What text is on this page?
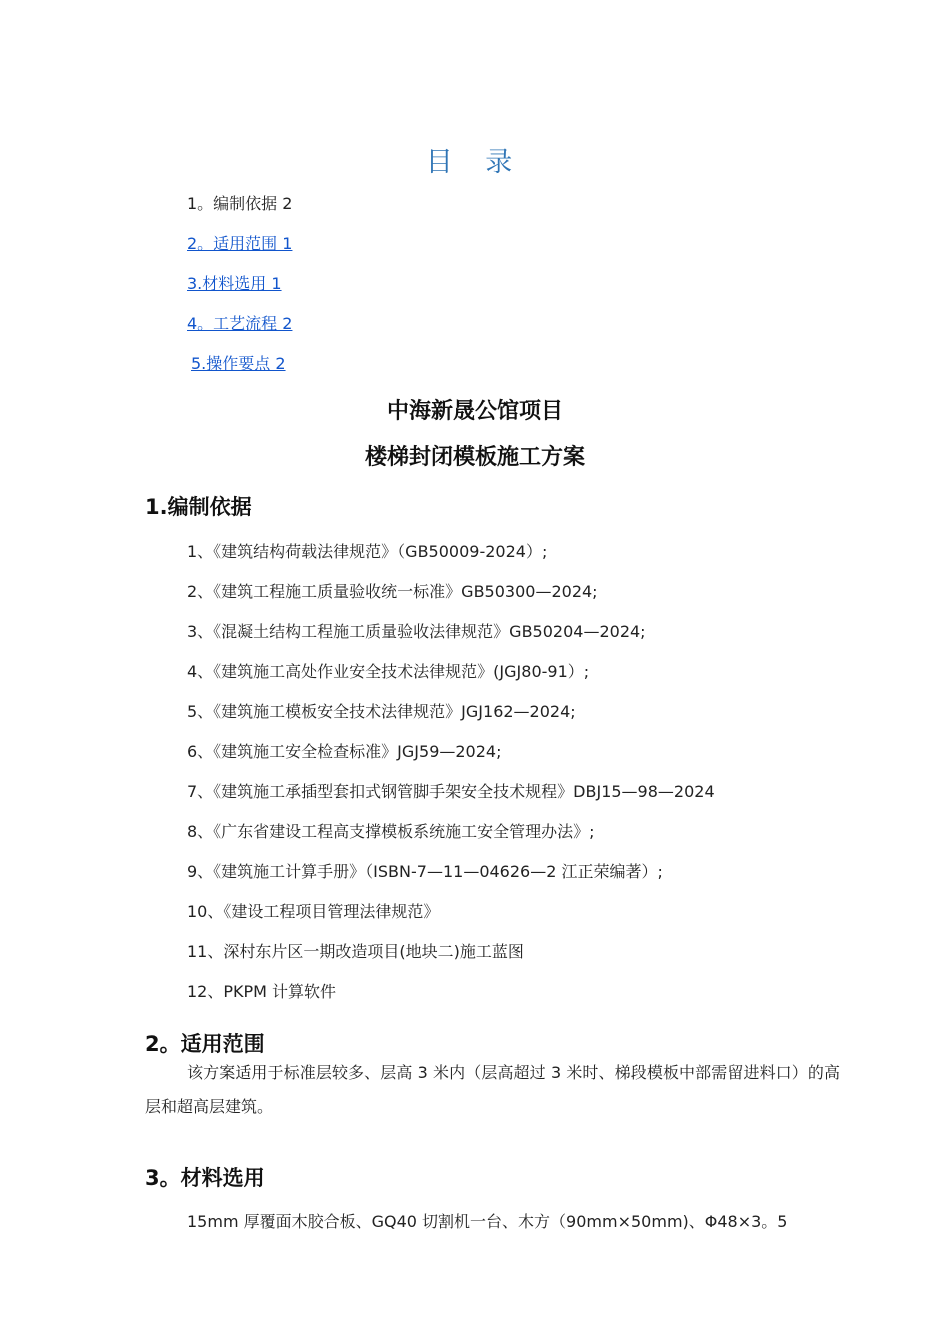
目 录
1。编制依据 2
2。适用范围 1
3.材料选用 1
4。工艺流程 2
5.操作要点 2
中海新晟公馆项目
楼梯封闭模板施工方案
1.编制依据
1、《建筑结构荷载法律规范》（GB50009-2024）;
2、《建筑工程施工质量验收统一标准》GB50300—2024;
3、《混凝土结构工程施工质量验收法律规范》GB50204—2024;
4、《建筑施工高处作业安全技术法律规范》(JGJ80-91）;
5、《建筑施工模板安全技术法律规范》JGJ162—2024;
6、《建筑施工安全检查标准》JGJ59—2024;
7、《建筑施工承插型套扣式钢管脚手架安全技术规程》DBJ15—98—2024
8、《广东省建设工程高支撑模板系统施工安全管理办法》;
9、《建筑施工计算手册》（ISBN-7—11—04626—2 江正荣编著）;
10、《建设工程项目管理法律规范》
11、深村东片区一期改造项目(地块二)施工蓝图
12、PKPM 计算软件
2。适用范围

该方案适用于标准层较多、层高 3 米内（层高超过 3 米时、梯段模板中部需留进料口）的高层和超高层建筑。

3。材料选用

15mm 厚覆面木胶合板、GQ40 切割机一台、木方（90mm×50mm)、Φ48×3。5
